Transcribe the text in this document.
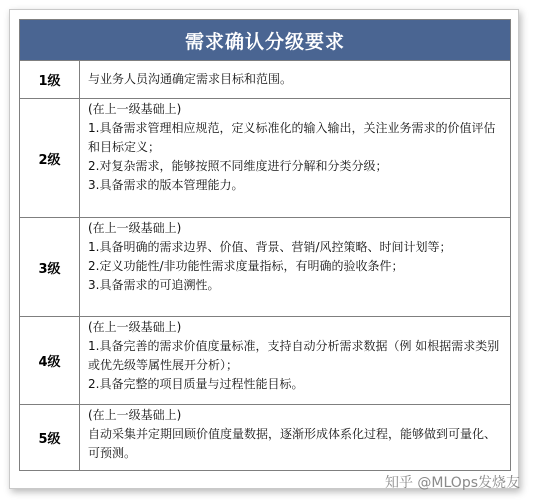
需求确认分级要求	
1级	与业务人员沟通确定需求目标和范围。

2级	(在上一级基础上)
1.具备需求管理相应规范，定义标准化的输入输出，关注业务需求的价值评估和目标定义；
2.对复杂需求，能够按照不同维度进行分解和分类分级；
3.具备需求的版本管理能力。

3级	(在上一级基础上)
1.具备明确的需求边界、价值、背景、营销/风控策略、时间计划等；
2.定义功能性/非功能性需求度量指标，有明确的验收条件；
3.具备需求的可追溯性。

4级	(在上一级基础上)
1.具备完善的需求价值度量标准，支持自动分析需求数据（例 如根据需求类别或优先级等属性展开分析）；
2.具备完整的项目质量与过程性能目标。

5级	(在上一级基础上)
自动采集并定期回顾价值度量数据，逐渐形成体系化过程，能够做到可量化、可预测。
知乎 @MLOps发烧友
